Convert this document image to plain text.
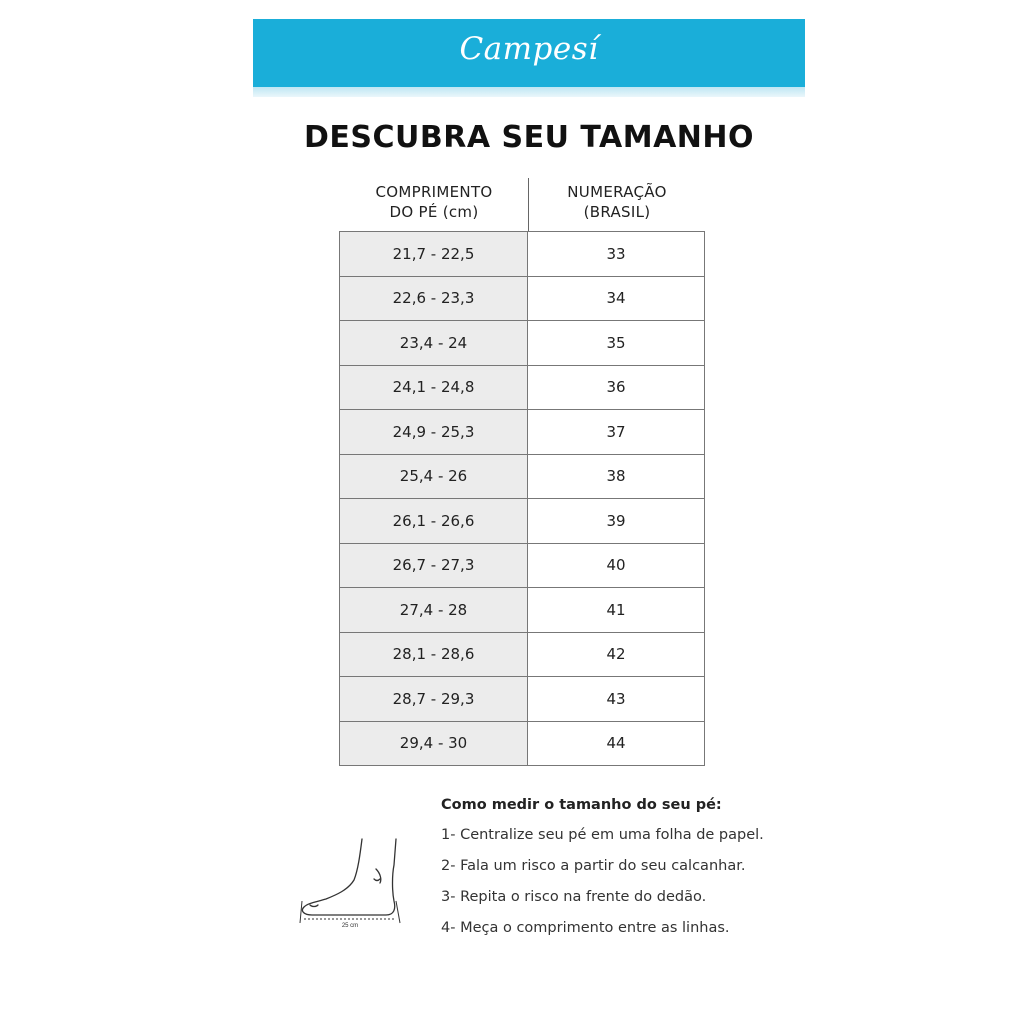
Campesí
DESCUBRA SEU TAMANHO
COMPRIMENTO
DO PÉ (cm)
NUMERAÇÃO
(BRASIL)
21,7 - 22,5	33
22,6 - 23,3	34
23,4 - 24	35
24,1 - 24,8	36
24,9 - 25,3	37
25,4 - 26	38
26,1 - 26,6	39
26,7 - 27,3	40
27,4 - 28	41
28,1 - 28,6	42
28,7 - 29,3	43
29,4 - 30	44
25 cm
Como medir o tamanho do seu pé:
1- Centralize seu pé em uma folha de papel.
2- Fala um risco a partir do seu calcanhar.
3- Repita o risco na frente do dedão.
4- Meça o comprimento entre as linhas.
